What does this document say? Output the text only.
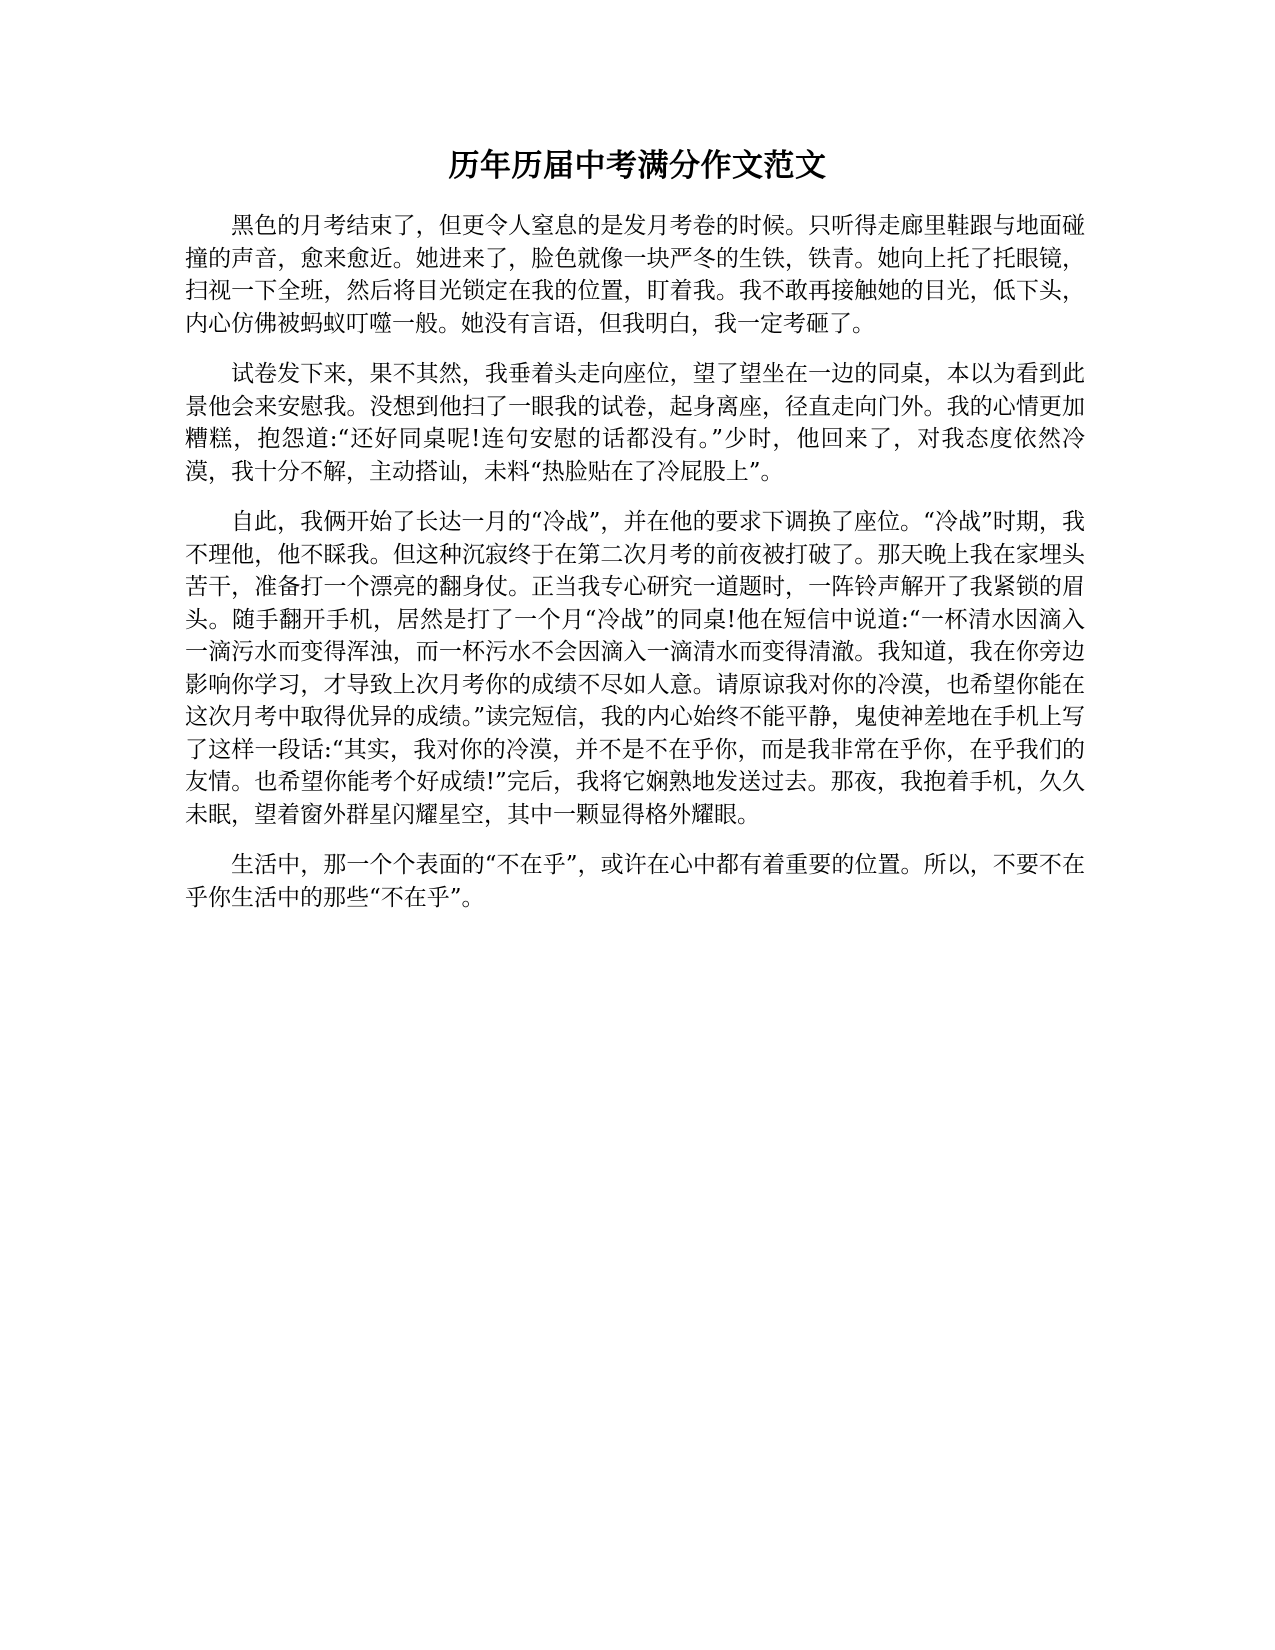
历年历届中考满分作文范文

黑色的月考结束了，但更令人窒息的是发月考卷的时候。只听得走廊里鞋跟与地面碰撞的声音，愈来愈近。她进来了，脸色就像一块严冬的生铁，铁青。她向上托了托眼镜，扫视一下全班，然后将目光锁定在我的位置，盯着我。我不敢再接触她的目光，低下头，内心仿佛被蚂蚁叮噬一般。她没有言语，但我明白，我一定考砸了。

试卷发下来，果不其然，我垂着头走向座位，望了望坐在一边的同桌，本以为看到此景他会来安慰我。没想到他扫了一眼我的试卷，起身离座，径直走向门外。我的心情更加糟糕，抱怨道:“还好同桌呢!连句安慰的话都没有。”少时，他回来了，对我态度依然冷漠，我十分不解，主动搭讪，未料“热脸贴在了冷屁股上”。

自此，我俩开始了长达一月的“冷战”，并在他的要求下调换了座位。“冷战”时期，我不理他，他不睬我。但这种沉寂终于在第二次月考的前夜被打破了。那天晚上我在家埋头苦干，准备打一个漂亮的翻身仗。正当我专心研究一道题时，一阵铃声解开了我紧锁的眉头。随手翻开手机，居然是打了一个月“冷战”的同桌!他在短信中说道:“一杯清水因滴入一滴污水而变得浑浊，而一杯污水不会因滴入一滴清水而变得清澈。我知道，我在你旁边影响你学习，才导致上次月考你的成绩不尽如人意。请原谅我对你的冷漠，也希望你能在这次月考中取得优异的成绩。”读完短信，我的内心始终不能平静，鬼使神差地在手机上写了这样一段话:“其实，我对你的冷漠，并不是不在乎你，而是我非常在乎你，在乎我们的友情。也希望你能考个好成绩!”完后，我将它娴熟地发送过去。那夜，我抱着手机，久久未眠，望着窗外群星闪耀星空，其中一颗显得格外耀眼。

生活中，那一个个表面的“不在乎”，或许在心中都有着重要的位置。所以，不要不在乎你生活中的那些“不在乎”。
